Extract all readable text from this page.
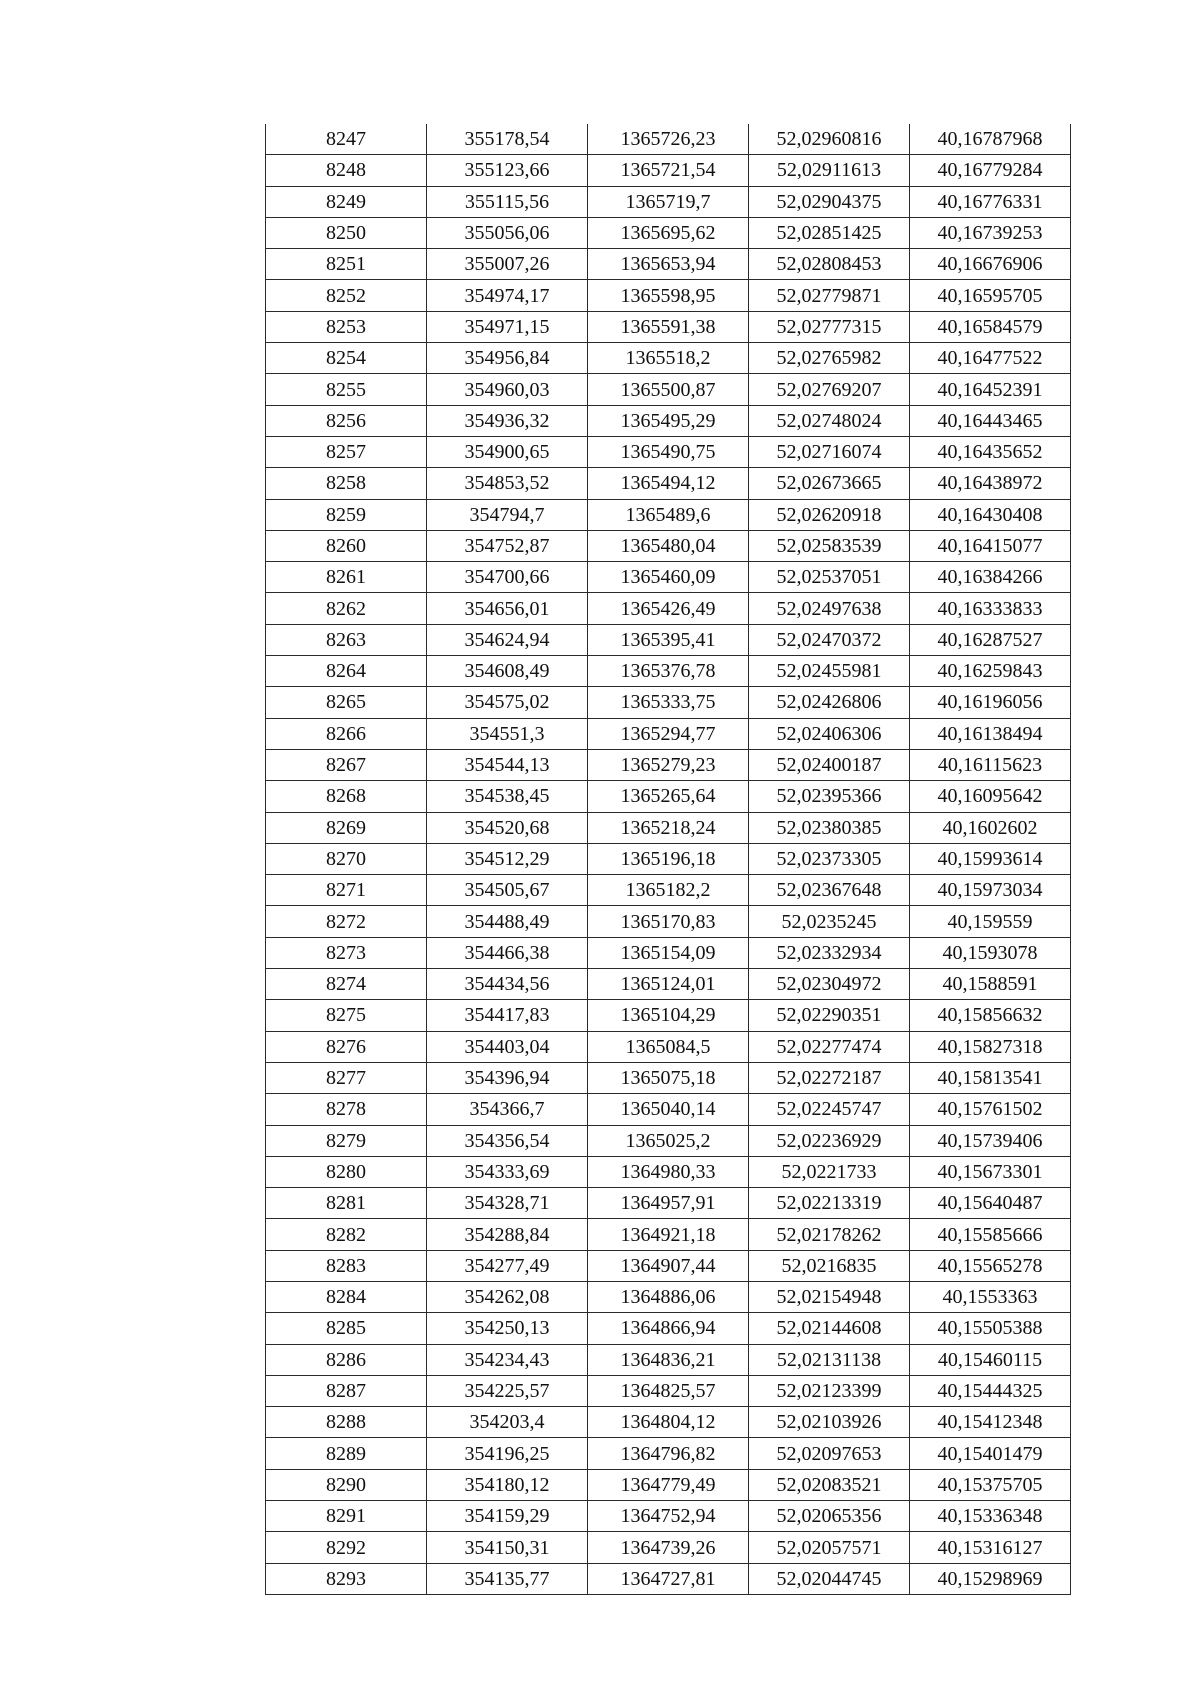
8247	355178,54	1365726,23	52,02960816	40,16787968
8248	355123,66	1365721,54	52,02911613	40,16779284
8249	355115,56	1365719,7	52,02904375	40,16776331
8250	355056,06	1365695,62	52,02851425	40,16739253
8251	355007,26	1365653,94	52,02808453	40,16676906
8252	354974,17	1365598,95	52,02779871	40,16595705
8253	354971,15	1365591,38	52,02777315	40,16584579
8254	354956,84	1365518,2	52,02765982	40,16477522
8255	354960,03	1365500,87	52,02769207	40,16452391
8256	354936,32	1365495,29	52,02748024	40,16443465
8257	354900,65	1365490,75	52,02716074	40,16435652
8258	354853,52	1365494,12	52,02673665	40,16438972
8259	354794,7	1365489,6	52,02620918	40,16430408
8260	354752,87	1365480,04	52,02583539	40,16415077
8261	354700,66	1365460,09	52,02537051	40,16384266
8262	354656,01	1365426,49	52,02497638	40,16333833
8263	354624,94	1365395,41	52,02470372	40,16287527
8264	354608,49	1365376,78	52,02455981	40,16259843
8265	354575,02	1365333,75	52,02426806	40,16196056
8266	354551,3	1365294,77	52,02406306	40,16138494
8267	354544,13	1365279,23	52,02400187	40,16115623
8268	354538,45	1365265,64	52,02395366	40,16095642
8269	354520,68	1365218,24	52,02380385	40,1602602
8270	354512,29	1365196,18	52,02373305	40,15993614
8271	354505,67	1365182,2	52,02367648	40,15973034
8272	354488,49	1365170,83	52,0235245	40,159559
8273	354466,38	1365154,09	52,02332934	40,1593078
8274	354434,56	1365124,01	52,02304972	40,1588591
8275	354417,83	1365104,29	52,02290351	40,15856632
8276	354403,04	1365084,5	52,02277474	40,15827318
8277	354396,94	1365075,18	52,02272187	40,15813541
8278	354366,7	1365040,14	52,02245747	40,15761502
8279	354356,54	1365025,2	52,02236929	40,15739406
8280	354333,69	1364980,33	52,0221733	40,15673301
8281	354328,71	1364957,91	52,02213319	40,15640487
8282	354288,84	1364921,18	52,02178262	40,15585666
8283	354277,49	1364907,44	52,0216835	40,15565278
8284	354262,08	1364886,06	52,02154948	40,1553363
8285	354250,13	1364866,94	52,02144608	40,15505388
8286	354234,43	1364836,21	52,02131138	40,15460115
8287	354225,57	1364825,57	52,02123399	40,15444325
8288	354203,4	1364804,12	52,02103926	40,15412348
8289	354196,25	1364796,82	52,02097653	40,15401479
8290	354180,12	1364779,49	52,02083521	40,15375705
8291	354159,29	1364752,94	52,02065356	40,15336348
8292	354150,31	1364739,26	52,02057571	40,15316127
8293	354135,77	1364727,81	52,02044745	40,15298969
